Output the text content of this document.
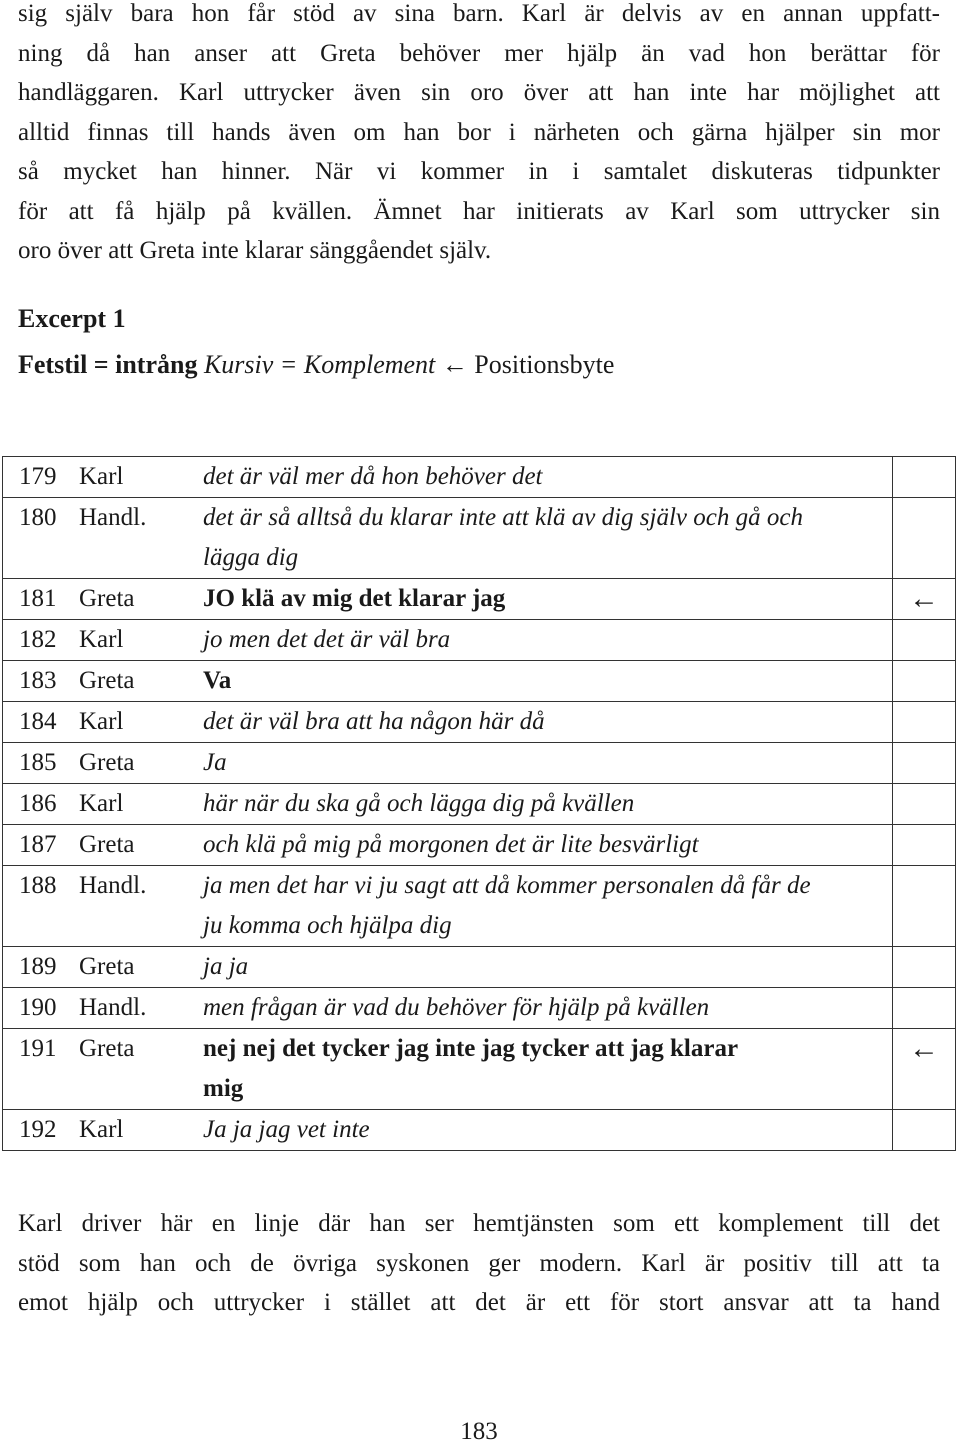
sig själv bara hon får stöd av sina barn. Karl är delvis av en annan uppfatt-

ning då han anser att Greta behöver mer hjälp än vad hon berättar för

handläggaren. Karl uttrycker även sin oro över att han inte har möjlighet att

alltid finnas till hands även om han bor i närheten och gärna hjälper sin mor

så mycket han hinner. När vi kommer in i samtalet diskuteras tidpunkter

för att få hjälp på kvällen. Ämnet har initierats av Karl som uttrycker sin

oro över att Greta inte klarar sänggåendet själv.

Excerpt 1

Fetstil = intrång Kursiv = Komplement ← Positionsbyte

179	Karl	det är väl mer då hon behöver det	

180	Handl.	det är så alltså du klarar inte att klä av dig själv och gå och
lägga dig	

181	Greta	JO klä av mig det klarar jag	←
182	Karl	jo men det det är väl bra	

183	Greta	Va	

184	Karl	det är väl bra att ha någon här då	

185	Greta	Ja	

186	Karl	här när du ska gå och lägga dig på kvällen	

187	Greta	och klä på mig på morgonen det är lite besvärligt	

188	Handl.	ja men det har vi ju sagt att då kommer personalen då får de
ju komma och hjälpa dig	

189	Greta	ja ja	

190	Handl.	men frågan är vad du behöver för hjälp på kvällen	

191	Greta	nej nej det tycker jag inte jag tycker att jag klarar
mig	←
192	Karl	Ja ja jag vet inte	

Karl driver här en linje där han ser hemtjänsten som ett komplement till det

stöd som han och de övriga syskonen ger modern. Karl är positiv till att ta

emot hjälp och uttrycker i stället att det är ett för stort ansvar att ta hand

183
